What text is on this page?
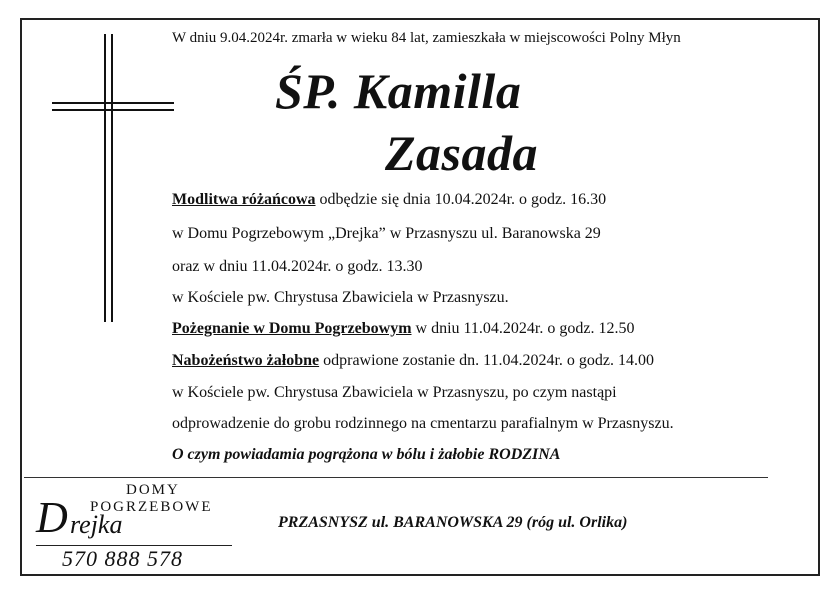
W dniu 9.04.2024r. zmarła w wieku 84 lat, zamieszkała w miejscowości Polny Młyn
ŚP. Kamilla
Zasada
Modlitwa różańcowa odbędzie się dnia 10.04.2024r. o godz. 16.30
w Domu Pogrzebowym „Drejka” w Przasnyszu ul. Baranowska 29
oraz w dniu 11.04.2024r. o godz. 13.30
w Kościele pw. Chrystusa Zbawiciela w Przasnyszu.
Pożegnanie w Domu Pogrzebowym w dniu 11.04.2024r. o godz. 12.50
Nabożeństwo żałobne odprawione zostanie dn. 11.04.2024r. o godz. 14.00
w Kościele pw. Chrystusa Zbawiciela w Przasnyszu, po czym nastąpi
odprowadzenie do grobu rodzinnego na cmentarzu parafialnym w Przasnyszu.
O czym powiadamia pogrążona w bólu i żałobie RODZINA
DOMY
POGRZEBOWE
D rejka
570 888 578
PRZASNYSZ ul. BARANOWSKA 29 (róg ul. Orlika)
